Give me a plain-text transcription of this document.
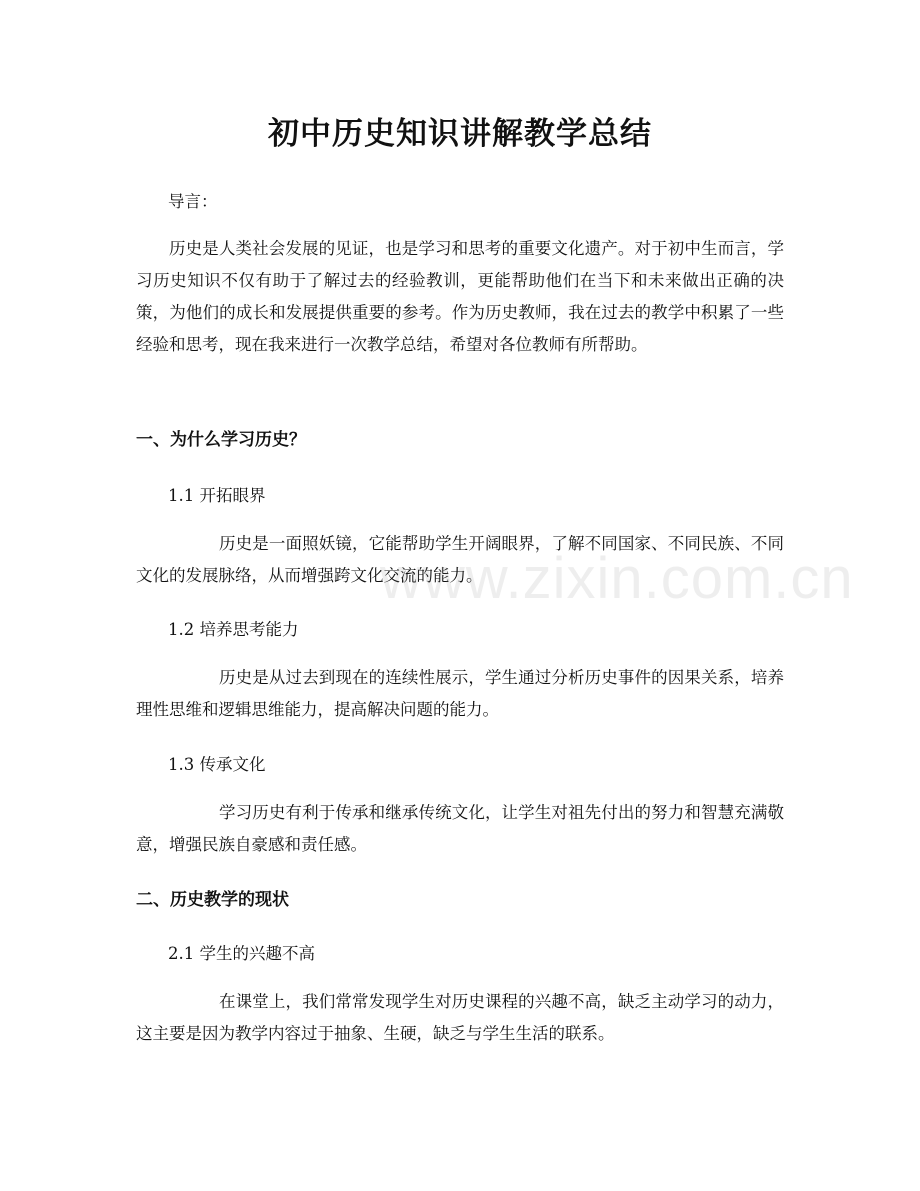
初中历史知识讲解教学总结

导言：

历史是人类社会发展的见证，也是学习和思考的重要文化遗产。对于初中生而言，学习历史知识不仅有助于了解过去的经验教训，更能帮助他们在当下和未来做出正确的决策，为他们的成长和发展提供重要的参考。作为历史教师，我在过去的教学中积累了一些经验和思考，现在我来进行一次教学总结，希望对各位教师有所帮助。

一、为什么学习历史？

1.1 开拓眼界

历史是一面照妖镜，它能帮助学生开阔眼界，了解不同国家、不同民族、不同文化的发展脉络，从而增强跨文化交流的能力。

1.2 培养思考能力

历史是从过去到现在的连续性展示，学生通过分析历史事件的因果关系，培养理性思维和逻辑思维能力，提高解决问题的能力。

1.3 传承文化

学习历史有利于传承和继承传统文化，让学生对祖先付出的努力和智慧充满敬意，增强民族自豪感和责任感。

二、历史教学的现状

2.1 学生的兴趣不高

在课堂上，我们常常发现学生对历史课程的兴趣不高，缺乏主动学习的动力，这主要是因为教学内容过于抽象、生硬，缺乏与学生生活的联系。

www.zixin.com.cn
